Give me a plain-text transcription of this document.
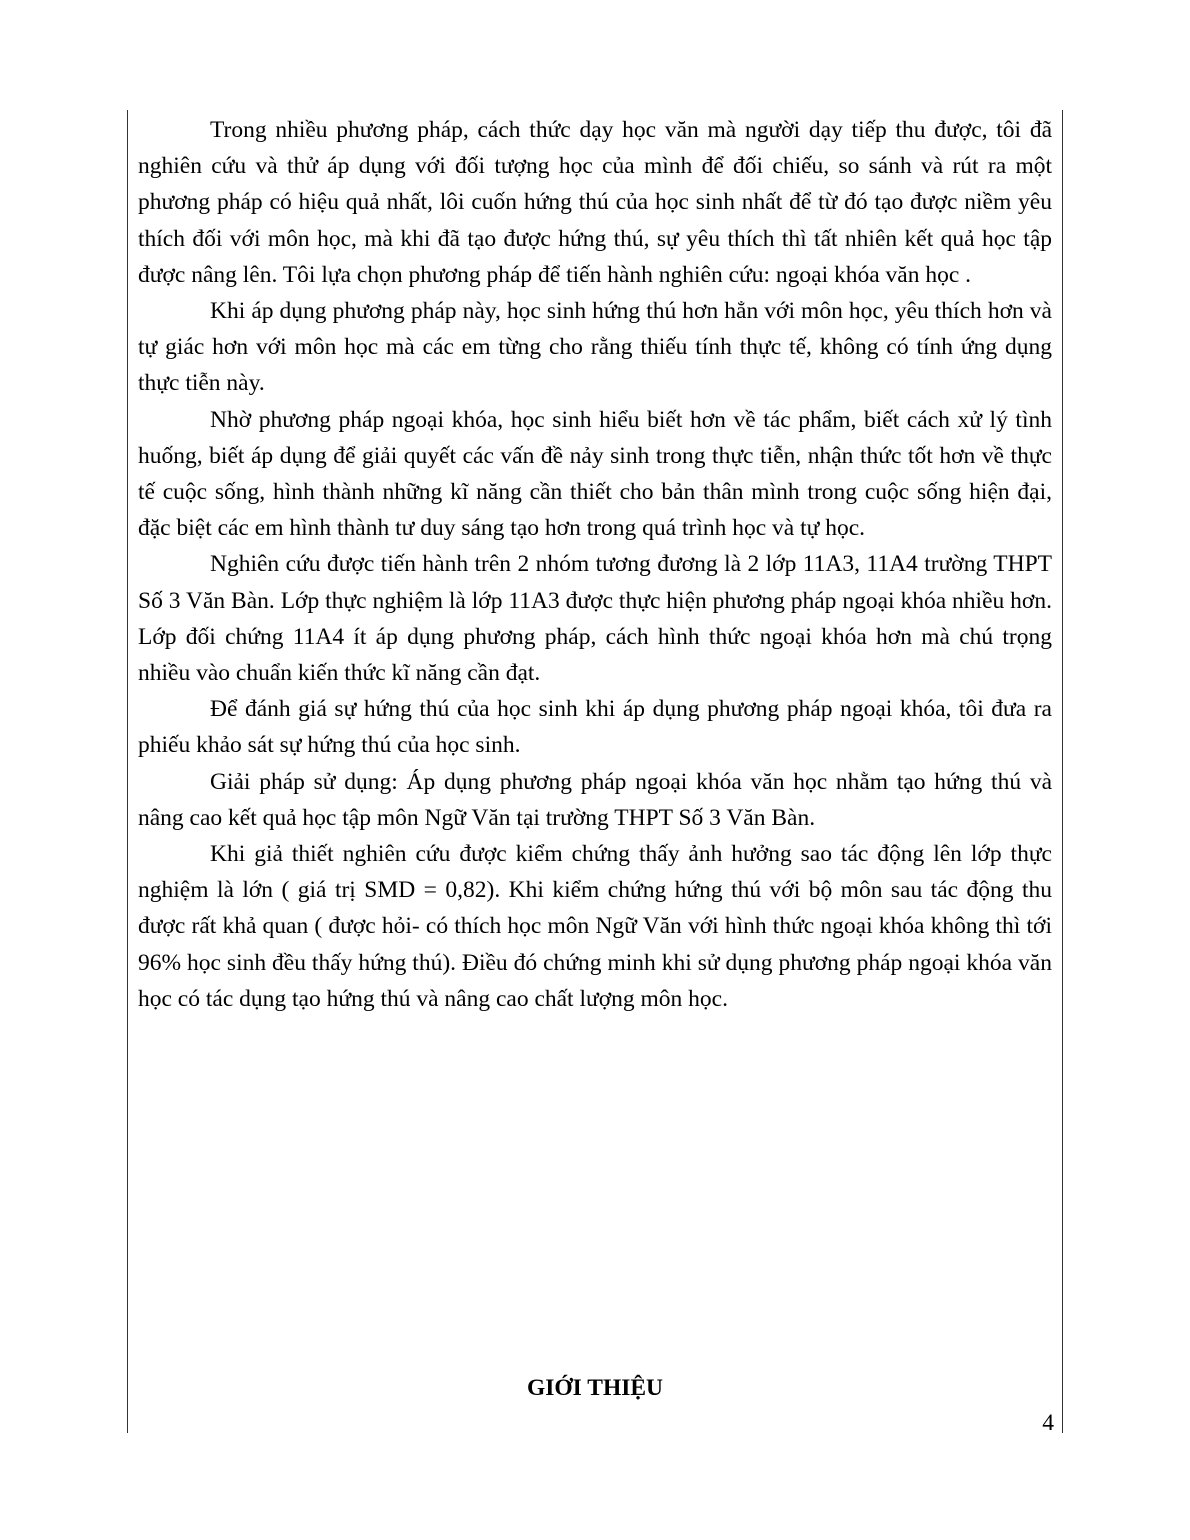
Trong nhiều phương pháp, cách thức dạy học văn mà người dạy tiếp thu được, tôi đã nghiên cứu và thử áp dụng với đối tượng học của mình để đối chiếu, so sánh và rút ra một phương pháp có hiệu quả nhất, lôi cuốn hứng thú của học sinh nhất để từ đó tạo được niềm yêu thích đối với môn học, mà khi đã tạo được hứng thú, sự yêu thích thì tất nhiên kết quả học tập được nâng lên. Tôi lựa chọn phương pháp để tiến hành nghiên cứu: ngoại khóa văn học .

Khi áp dụng phương pháp này, học sinh hứng thú hơn hẳn với môn học, yêu thích hơn và tự giác hơn với môn học mà các em từng cho rằng thiếu tính thực tế, không có tính ứng dụng thực tiễn này.

Nhờ phương pháp ngoại khóa, học sinh hiểu biết hơn về tác phẩm, biết cách xử lý tình huống, biết áp dụng để giải quyết các vấn đề nảy sinh trong thực tiễn, nhận thức tốt hơn về thực tế cuộc sống, hình thành những kĩ năng cần thiết cho bản thân mình trong cuộc sống hiện đại, đặc biệt các em hình thành tư duy sáng tạo hơn trong quá trình học và tự học.

Nghiên cứu được tiến hành trên 2 nhóm tương đương là 2 lớp 11A3, 11A4 trường THPT Số 3 Văn Bàn. Lớp thực nghiệm là lớp 11A3 được thực hiện phương pháp ngoại khóa nhiều hơn. Lớp đối chứng 11A4 ít áp dụng phương pháp, cách hình thức ngoại khóa hơn mà chú trọng nhiều vào chuẩn kiến thức kĩ năng cần đạt.

Để đánh giá sự hứng thú của học sinh khi áp dụng phương pháp ngoại khóa, tôi đưa ra phiếu khảo sát sự hứng thú của học sinh.

Giải pháp sử dụng: Áp dụng phương pháp ngoại khóa văn học nhằm tạo hứng thú và nâng cao kết quả học tập môn Ngữ Văn tại trường THPT Số 3 Văn Bàn.

Khi giả thiết nghiên cứu được kiểm chứng thấy ảnh hưởng sao tác động lên lớp thực nghiệm là lớn ( giá trị SMD = 0,82). Khi kiểm chứng hứng thú với bộ môn sau tác động thu được rất khả quan ( được hỏi- có thích học môn Ngữ Văn với hình thức ngoại khóa không thì tới 96% học sinh đều thấy hứng thú). Điều đó chứng minh khi sử dụng phương pháp ngoại khóa văn học có tác dụng tạo hứng thú và nâng cao chất lượng môn học.

GIỚI THIỆU
4
